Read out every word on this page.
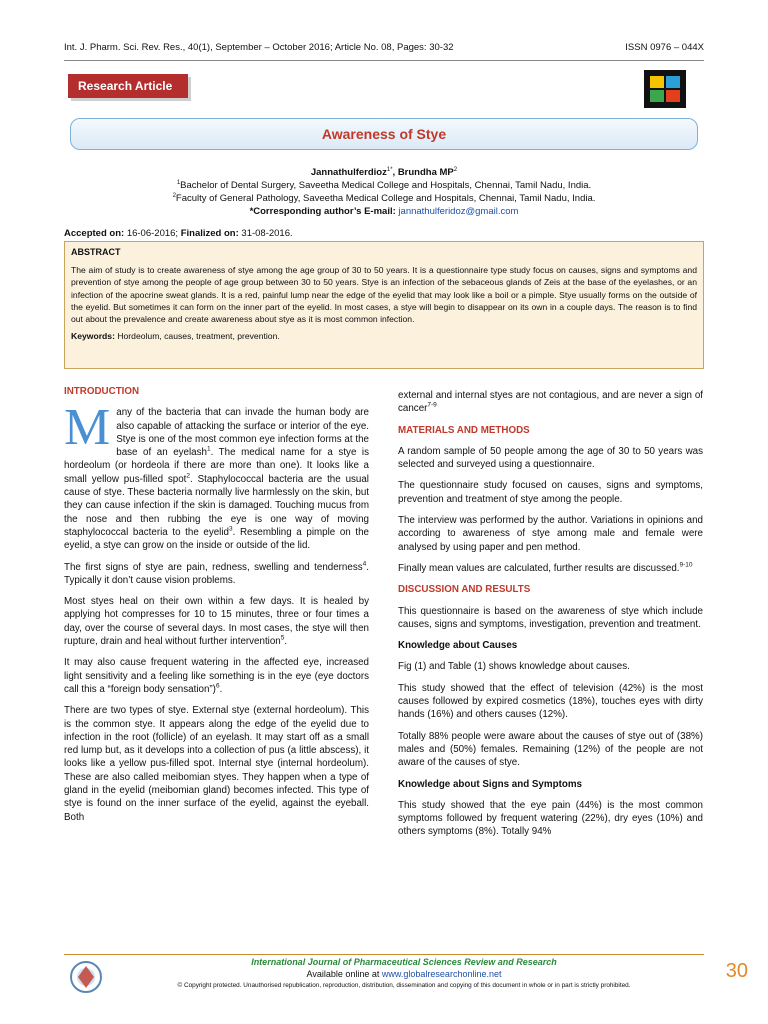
Int. J. Pharm. Sci. Rev. Res., 40(1), September – October 2016; Article No. 08, Pages: 30-32	ISSN 0976 – 044X
Research Article
Awareness of Stye
Jannathulferdioz$^{1*}$, Brundha $MP^2$
$^1$Bachelor of Dental Surgery, Saveetha Medical College and Hospitals, Chennai, Tamil Nadu, India.
$^2$Faculty of General Pathology, Saveetha Medical College and Hospitals, Chennai, Tamil Nadu, India.
*Corresponding author’s E-mail: jannathulferidoz@gmail.com
Accepted on: 16-06-2016; Finalized on: 31-08-2016.
ABSTRACT
The aim of study is to create awareness of stye among the age group of 30 to 50 years. It is a questionnaire type study focus on causes, signs and symptoms and prevention of stye among the people of age group between 30 to 50 years. Stye is an infection of the sebaceous glands of Zeis at the base of the eyelashes, or an infection of the apocrine sweat glands. It is a red, painful lump near the edge of the eyelid that may look like a boil or a pimple. Stye usually forms on the outside of the eyelid. But sometimes it can form on the inner part of the eyelid. In most cases, a stye will begin to disappear on its own in a couple days. The reason is to find out about the prevalence and create awareness about stye as it is most common infection.
Keywords: Hordeolum, causes, treatment, prevention.
INTRODUCTION

Many of the bacteria that can invade the human body are also capable of attacking the surface or interior of the eye. Stye is one of the most common eye infection forms at the base of an eyelash$^1$. The medical name for a stye is hordeolum (or hordeola if there are more than one). It looks like a small yellow pus-filled spot$^2$. Staphylococcal bacteria are the usual cause of stye. These bacteria normally live harmlessly on the skin, but they can cause infection if the skin is damaged. Touching mucus from the nose and then rubbing the eye is one way of moving staphylococcal bacteria to the eyelid$^3$. Resembling a pimple on the eyelid, a stye can grow on the inside or outside of the lid.

The first signs of stye are pain, redness, swelling and tenderness$^4$. Typically it don’t cause vision problems.

Most styes heal on their own within a few days. It is healed by applying hot compresses for 10 to 15 minutes, three or four times a day, over the course of several days. In most cases, the stye will then rupture, drain and heal without further intervention$^5$.

It may also cause frequent watering in the affected eye, increased light sensitivity and a feeling like something is in the eye (eye doctors call this a “foreign body sensation”)$^6$.

There are two types of stye. External stye (external hordeolum). This is the common stye. It appears along the edge of the eyelid due to infection in the root (follicle) of an eyelash. It may start off as a small red lump but, as it develops into a collection of pus (a little abscess), it looks like a yellow pus-filled spot. Internal stye (internal hordeolum). These are also called meibomian styes. They happen when a type of gland in the eyelid (meibomian gland) becomes infected. This type of stye is found on the inner surface of the eyelid, against the eyeball. Both

external and internal styes are not contagious, and are never a sign of cancer$^{7-9}$

MATERIALS AND METHODS

A random sample of 50 people among the age of 30 to 50 years was selected and surveyed using a questionnaire.

The questionnaire study focused on causes, signs and symptoms, prevention and treatment of stye among the people.

The interview was performed by the author. Variations in opinions and according to awareness of stye among male and female were analysed by using paper and pen method.

Finally mean values are calculated, further results are discussed.$^{9-10}$

DISCUSSION AND RESULTS

This questionnaire is based on the awareness of stye which include causes, signs and symptoms, investigation, prevention and treatment.

Knowledge about Causes

Fig (1) and Table (1) shows knowledge about causes.

This study showed that the effect of television (42%) is the most causes followed by expired cosmetics (18%), touches eyes with dirty hands (16%) and others causes (12%).

Totally 88% people were aware about the causes of stye out of (38%) males and (50%) females. Remaining (12%) of the people are not aware of the causes of stye.

Knowledge about Signs and Symptoms

This study showed that the eye pain (44%) is the most common symptoms followed by frequent watering (22%), dry eyes (10%) and others symptoms (8%). Totally 94%

International Journal of Pharmaceutical Sciences Review and Research
Available online at www.globalresearchonline.net
© Copyright protected. Unauthorised republication, reproduction, distribution, dissemination and copying of this document in whole or in part is strictly prohibited.
30
